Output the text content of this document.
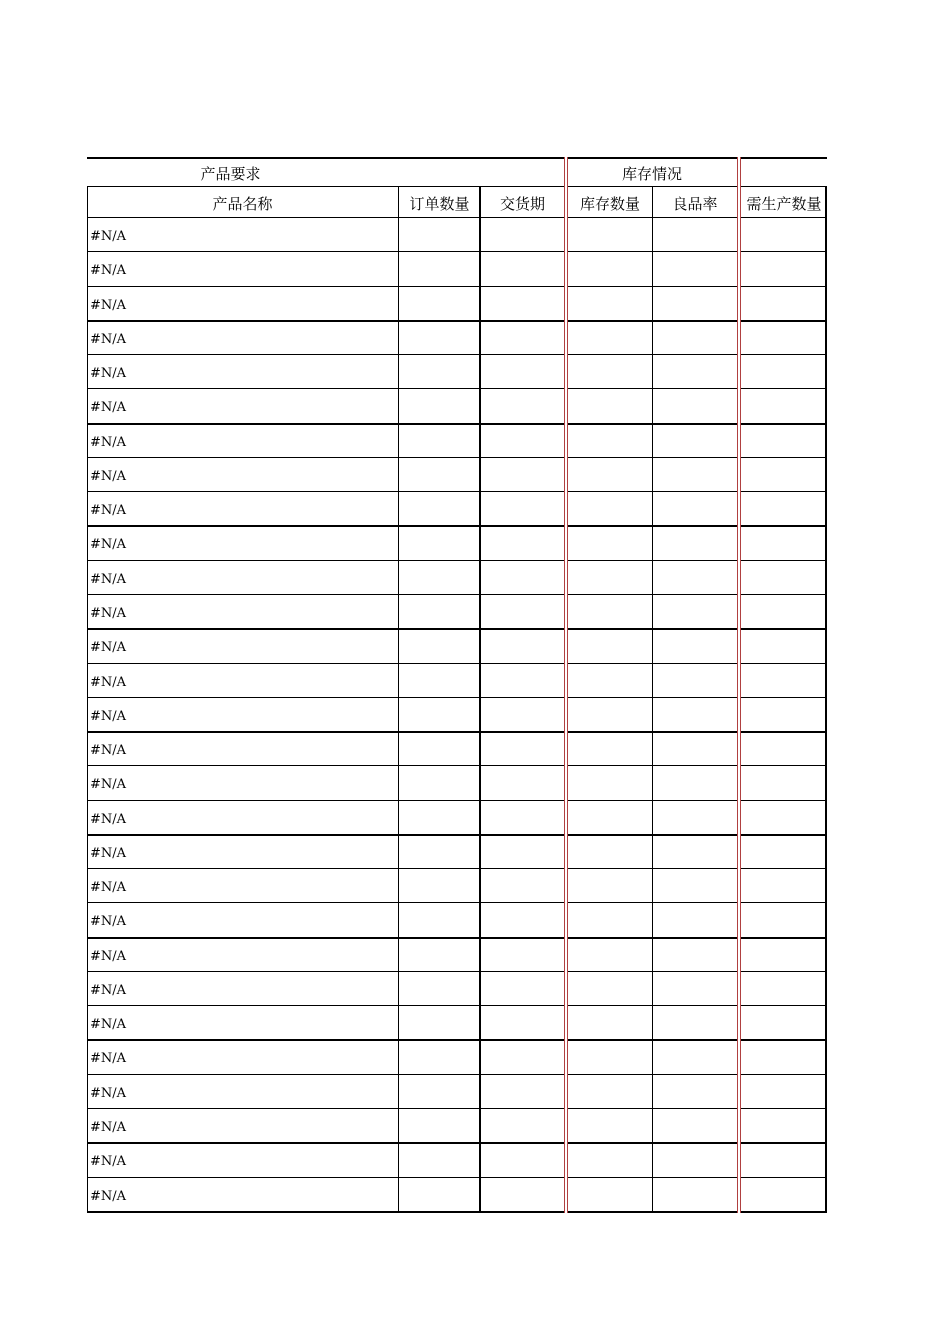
产品要求	库存情况
产品名称	订单数量	交货期	库存数量	良品率	需生产数量
#N/A
#N/A
#N/A
#N/A
#N/A
#N/A
#N/A
#N/A
#N/A
#N/A
#N/A
#N/A
#N/A
#N/A
#N/A
#N/A
#N/A
#N/A
#N/A
#N/A
#N/A
#N/A
#N/A
#N/A
#N/A
#N/A
#N/A
#N/A
#N/A
